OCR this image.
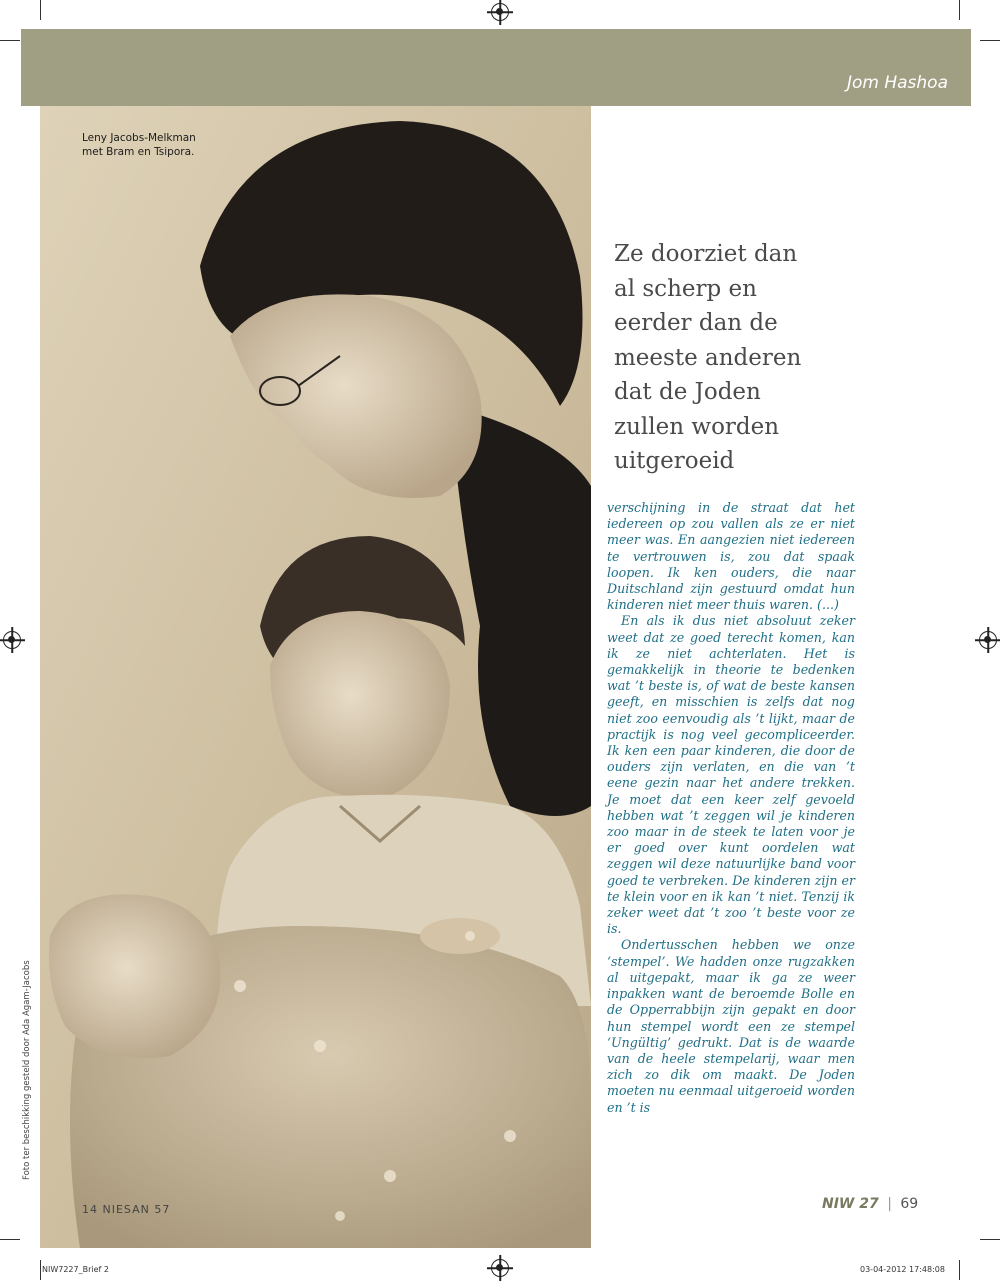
Jom Hashoa
Leny Jacobs-Melkman
met Bram en Tsipora.
Foto ter beschikking gesteld door Ada Agam-Jacobs
14 NIESAN 57
Ze doorziet dan
al scherp en
eerder dan de
meeste anderen
dat de Joden
zullen worden
uitgeroeid

verschijning in de straat dat het iedereen op zou vallen als ze er niet meer was. En aangezien niet iedereen te vertrouwen is, zou dat spaak loopen. Ik ken ouders, die naar Duitschland zijn gestuurd omdat hun kinderen niet meer thuis waren. (...)

En als ik dus niet absoluut zeker weet dat ze goed terecht komen, kan ik ze niet achterlaten. Het is gemakkelijk in theorie te bedenken wat ’t beste is, of wat de beste kansen geeft, en misschien is zelfs dat nog niet zoo eenvoudig als ’t lijkt, maar de practijk is nog veel gecompliceerder. Ik ken een paar kinderen, die door de ouders zijn verlaten, en die van ’t eene gezin naar het andere trekken. Je moet dat een keer zelf gevoeld hebben wat ’t zeggen wil je kinderen zoo maar in de steek te laten voor je er goed over kunt oordelen wat zeggen wil deze natuurlijke band voor goed te verbreken. De kinderen zijn er te klein voor en ik kan ’t niet. Tenzij ik zeker weet dat ’t zoo ’t beste voor ze is.

Ondertusschen hebben we onze ‘stempel’. We hadden onze rugzakken al uitgepakt, maar ik ga ze weer inpakken want de beroemde Bolle en de Opperrabbijn zijn gepakt en door hun stempel wordt een ze stempel ‘Ungültig’ gedrukt. Dat is de waarde van de heele stempelarij, waar men zich zo dik om maakt. De Joden moeten nu eenmaal uitgeroeid worden en ’t is

NIW 27 | 69
NIW7227_Brief 2	03-04-2012 17:48:08
